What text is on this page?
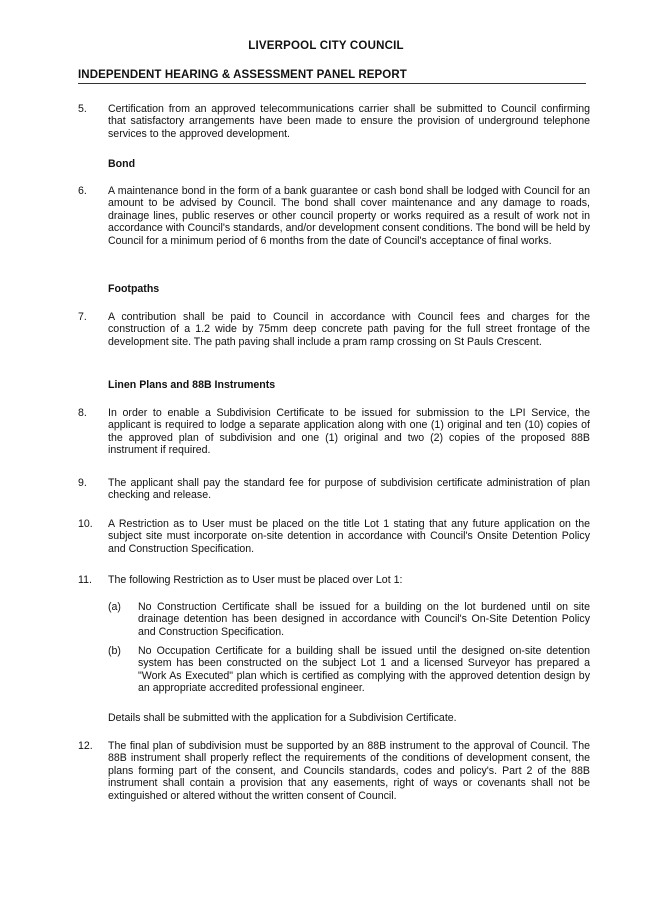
LIVERPOOL CITY COUNCIL
INDEPENDENT HEARING & ASSESSMENT PANEL REPORT
5.	Certification from an approved telecommunications carrier shall be submitted to Council confirming that satisfactory arrangements have been made to ensure the provision of underground telephone services to the approved development.
Bond
6.	A maintenance bond in the form of a bank guarantee or cash bond shall be lodged with Council for an amount to be advised by Council. The bond shall cover maintenance and any damage to roads, drainage lines, public reserves or other council property or works required as a result of work not in accordance with Council's standards, and/or development consent conditions. The bond will be held by Council for a minimum period of 6 months from the date of Council's acceptance of final works.
Footpaths
7.	A contribution shall be paid to Council in accordance with Council fees and charges for the construction of a 1.2 wide by 75mm deep concrete path paving for the full street frontage of the development site. The path paving shall include a pram ramp crossing on St Pauls Crescent.
Linen Plans and 88B Instruments
8.	In order to enable a Subdivision Certificate to be issued for submission to the LPI Service, the applicant is required to lodge a separate application along with one (1) original and ten (10) copies of the approved plan of subdivision and one (1) original and two (2) copies of the proposed 88B instrument if required.
9.	The applicant shall pay the standard fee for purpose of subdivision certificate administration of plan checking and release.
10.	A Restriction as to User must be placed on the title Lot 1 stating that any future application on the subject site must incorporate on-site detention in accordance with Council's Onsite Detention Policy and Construction Specification.
11.	The following Restriction as to User must be placed over Lot 1:
(a)	No Construction Certificate shall be issued for a building on the lot burdened until on site drainage detention has been designed in accordance with Council's On-Site Detention Policy and Construction Specification.
(b)	No Occupation Certificate for a building shall be issued until the designed on-site detention system has been constructed on the subject Lot 1 and a licensed Surveyor has prepared a "Work As Executed" plan which is certified as complying with the approved detention design by an appropriate accredited professional engineer.
Details shall be submitted with the application for a Subdivision Certificate.
12.	The final plan of subdivision must be supported by an 88B instrument to the approval of Council. The 88B instrument shall properly reflect the requirements of the conditions of development consent, the plans forming part of the consent, and Councils standards, codes and policy's. Part 2 of the 88B instrument shall contain a provision that any easements, right of ways or covenants shall not be extinguished or altered without the written consent of Council.
